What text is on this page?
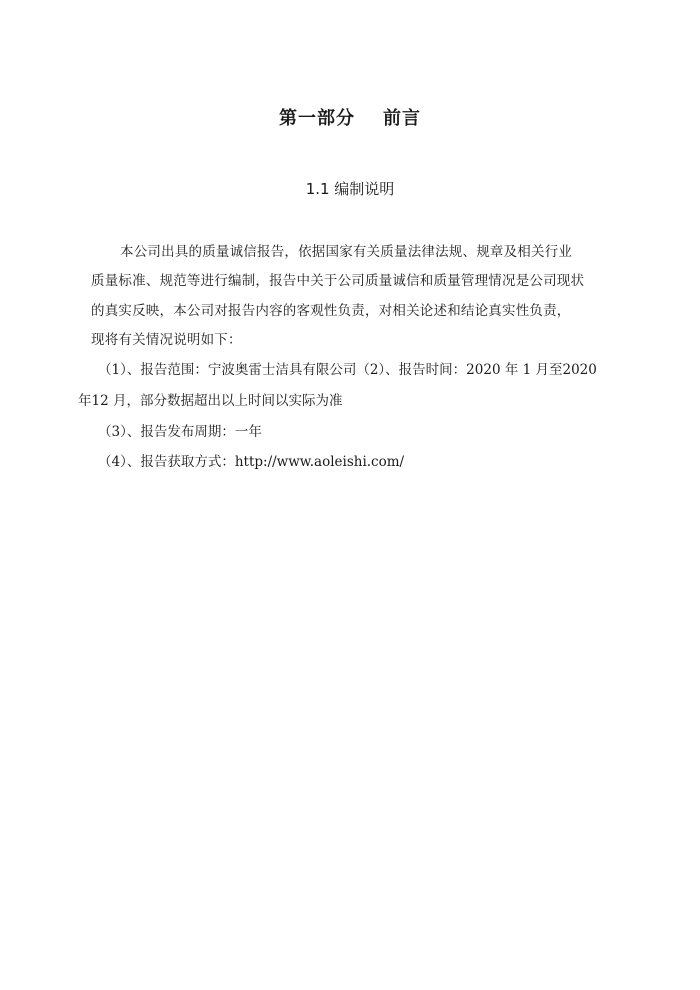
第一部分 前言
1.1 编制说明
本公司出具的质量诚信报告，依据国家有关质量法律法规、规章及相关行业
质量标准、规范等进行编制，报告中关于公司质量诚信和质量管理情况是公司现状
的真实反映，本公司对报告内容的客观性负责，对相关论述和结论真实性负责，
现将有关情况说明如下：
（1）、报告范围：宁波奥雷士洁具有限公司（2）、报告时间：2020 年 1 月至2020
年12 月，部分数据超出以上时间以实际为准
（3）、报告发布周期：一年
（4）、报告获取方式：http://www.aoleishi.com/
